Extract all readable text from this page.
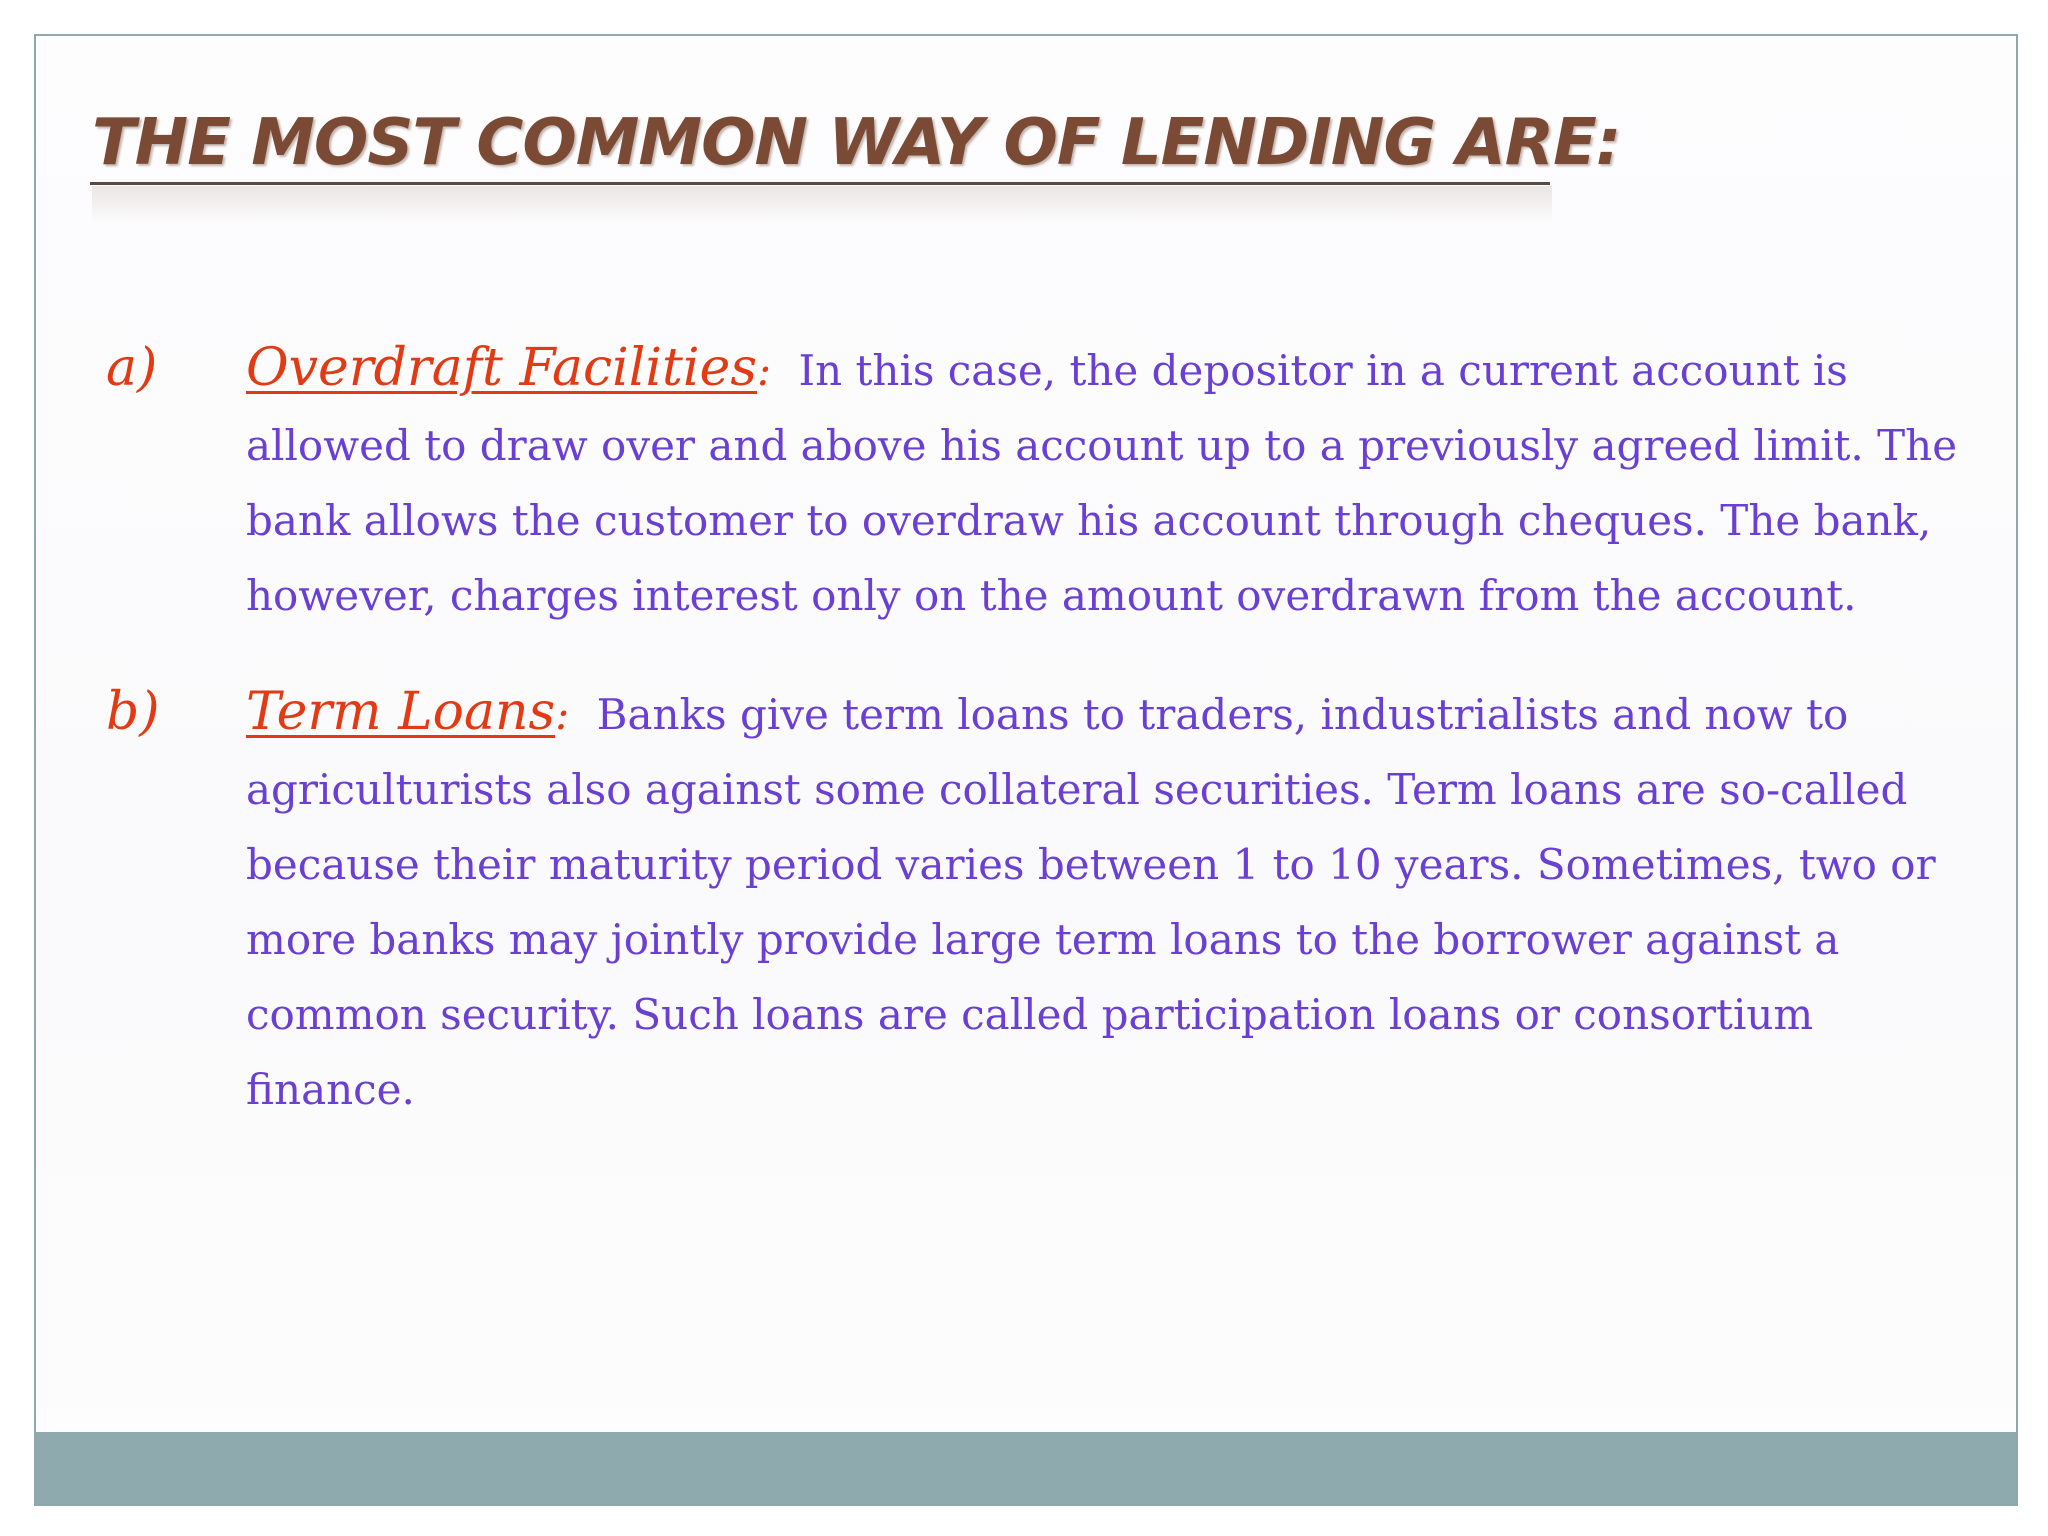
THE MOST COMMON WAY OF LENDING ARE:
a) Overdraft Facilities: In this case, the depositor in a current account is allowed to draw over and above his account up to a previously agreed limit. The bank allows the customer to overdraw his account through cheques. The bank, however, charges interest only on the amount overdrawn from the account.
b) Term Loans: Banks give term loans to traders, industrialists and now to agriculturists also against some collateral securities. Term loans are so-called because their maturity period varies between 1 to 10 years. Sometimes, two or more banks may jointly provide large term loans to the borrower against a common security. Such loans are called participation loans or consortium finance.
